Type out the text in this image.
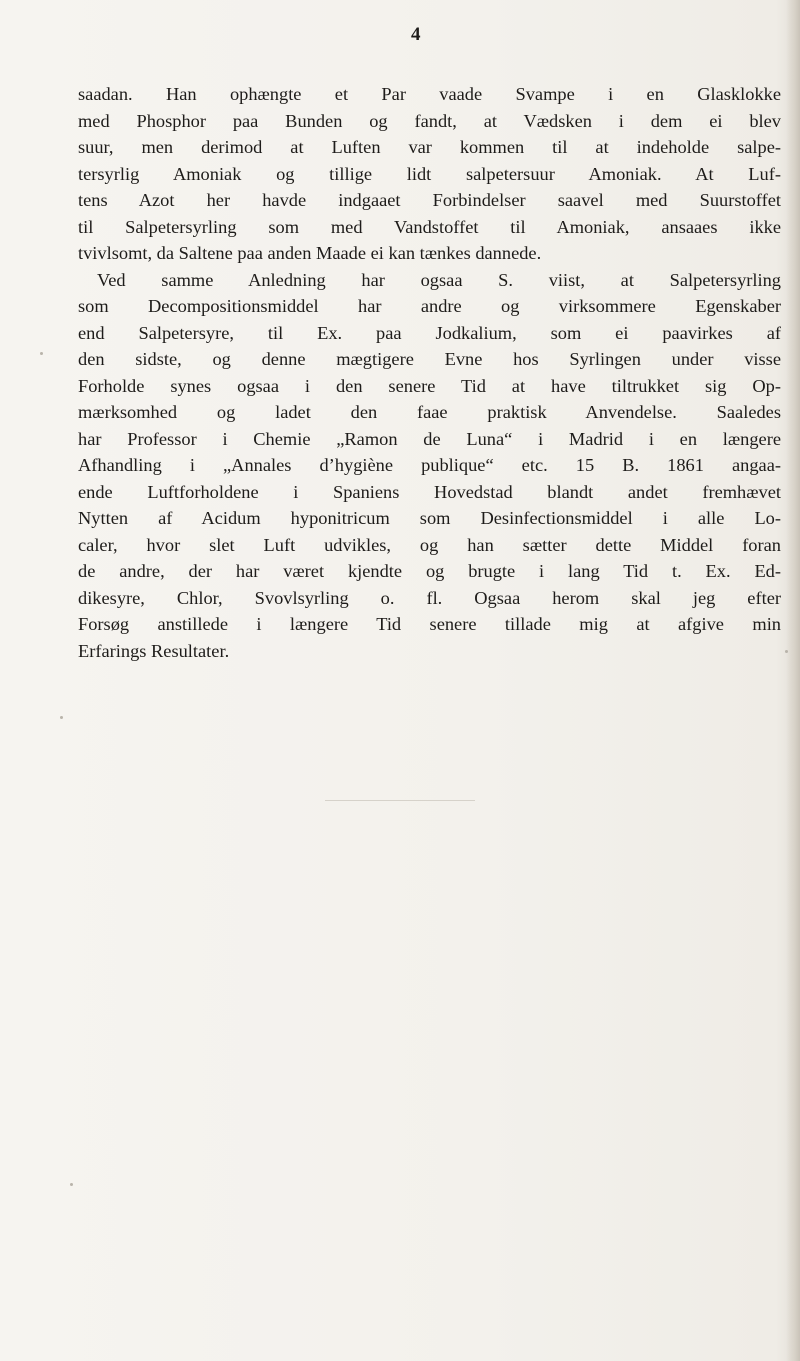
4
saadan. Han ophængte et Par vaade Svampe i en Glasklokke
med Phosphor paa Bunden og fandt, at Vædsken i dem ei blev
suur, men derimod at Luften var kommen til at indeholde salpe-
tersyrlig Amoniak og tillige lidt salpetersuur Amoniak. At Luf-
tens Azot her havde indgaaet Forbindelser saavel med Suurstoffet
til Salpetersyrling som med Vandstoffet til Amoniak, ansaaes ikke
tvivlsomt, da Saltene paa anden Maade ei kan tænkes dannede.
Ved samme Anledning har ogsaa S. viist, at Salpetersyrling
som Decompositionsmiddel har andre og virksommere Egenskaber
end Salpetersyre, til Ex. paa Jodkalium, som ei paavirkes af
den sidste, og denne mægtigere Evne hos Syrlingen under visse
Forholde synes ogsaa i den senere Tid at have tiltrukket sig Op-
mærksomhed og ladet den faae praktisk Anvendelse. Saaledes
har Professor i Chemie „Ramon de Luna“ i Madrid i en længere
Afhandling i „Annales d’hygiène publique“ etc. 15 B. 1861 angaa-
ende Luftforholdene i Spaniens Hovedstad blandt andet fremhævet
Nytten af Acidum hyponitricum som Desinfectionsmiddel i alle Lo-
caler, hvor slet Luft udvikles, og han sætter dette Middel foran
de andre, der har været kjendte og brugte i lang Tid t. Ex. Ed-
dikesyre, Chlor, Svovlsyrling o. fl. Ogsaa herom skal jeg efter
Forsøg anstillede i længere Tid senere tillade mig at afgive min
Erfarings Resultater.
